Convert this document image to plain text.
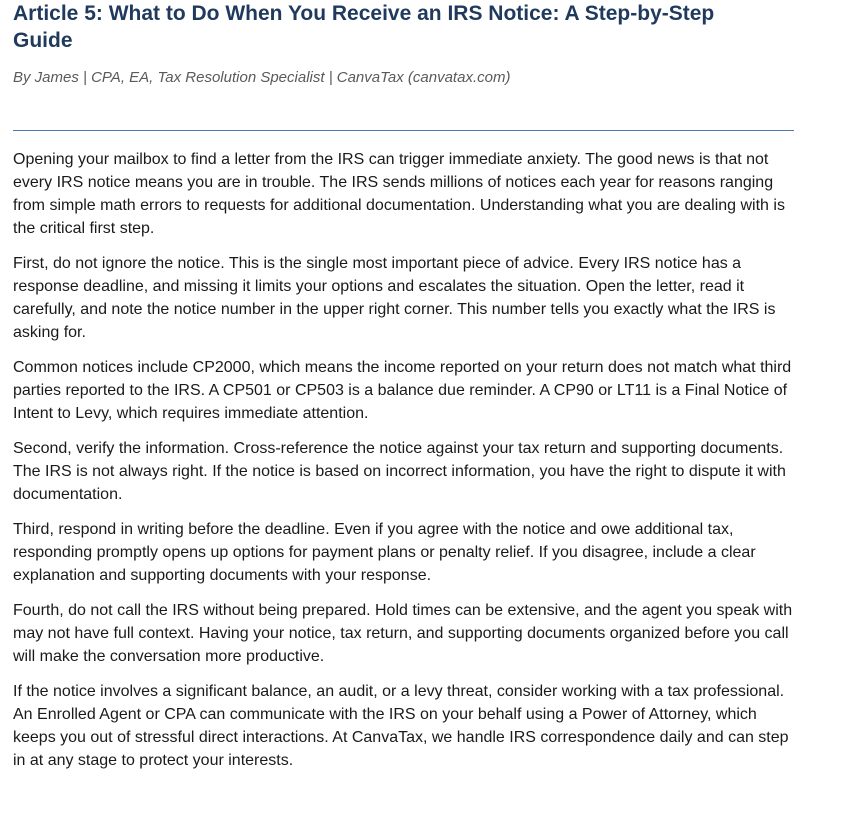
Article 5: What to Do When You Receive an IRS Notice: A Step-by-Step Guide

By James | CPA, EA, Tax Resolution Specialist | CanvaTax (canvatax.com)

Opening your mailbox to find a letter from the IRS can trigger immediate anxiety. The good news is that not every IRS notice means you are in trouble. The IRS sends millions of notices each year for reasons ranging from simple math errors to requests for additional documentation. Understanding what you are dealing with is the critical first step.

First, do not ignore the notice. This is the single most important piece of advice. Every IRS notice has a response deadline, and missing it limits your options and escalates the situation. Open the letter, read it carefully, and note the notice number in the upper right corner. This number tells you exactly what the IRS is asking for.

Common notices include CP2000, which means the income reported on your return does not match what third parties reported to the IRS. A CP501 or CP503 is a balance due reminder. A CP90 or LT11 is a Final Notice of Intent to Levy, which requires immediate attention.

Second, verify the information. Cross-reference the notice against your tax return and supporting documents. The IRS is not always right. If the notice is based on incorrect information, you have the right to dispute it with documentation.

Third, respond in writing before the deadline. Even if you agree with the notice and owe additional tax, responding promptly opens up options for payment plans or penalty relief. If you disagree, include a clear explanation and supporting documents with your response.

Fourth, do not call the IRS without being prepared. Hold times can be extensive, and the agent you speak with may not have full context. Having your notice, tax return, and supporting documents organized before you call will make the conversation more productive.

If the notice involves a significant balance, an audit, or a levy threat, consider working with a tax professional. An Enrolled Agent or CPA can communicate with the IRS on your behalf using a Power of Attorney, which keeps you out of stressful direct interactions. At CanvaTax, we handle IRS correspondence daily and can step in at any stage to protect your interests.
